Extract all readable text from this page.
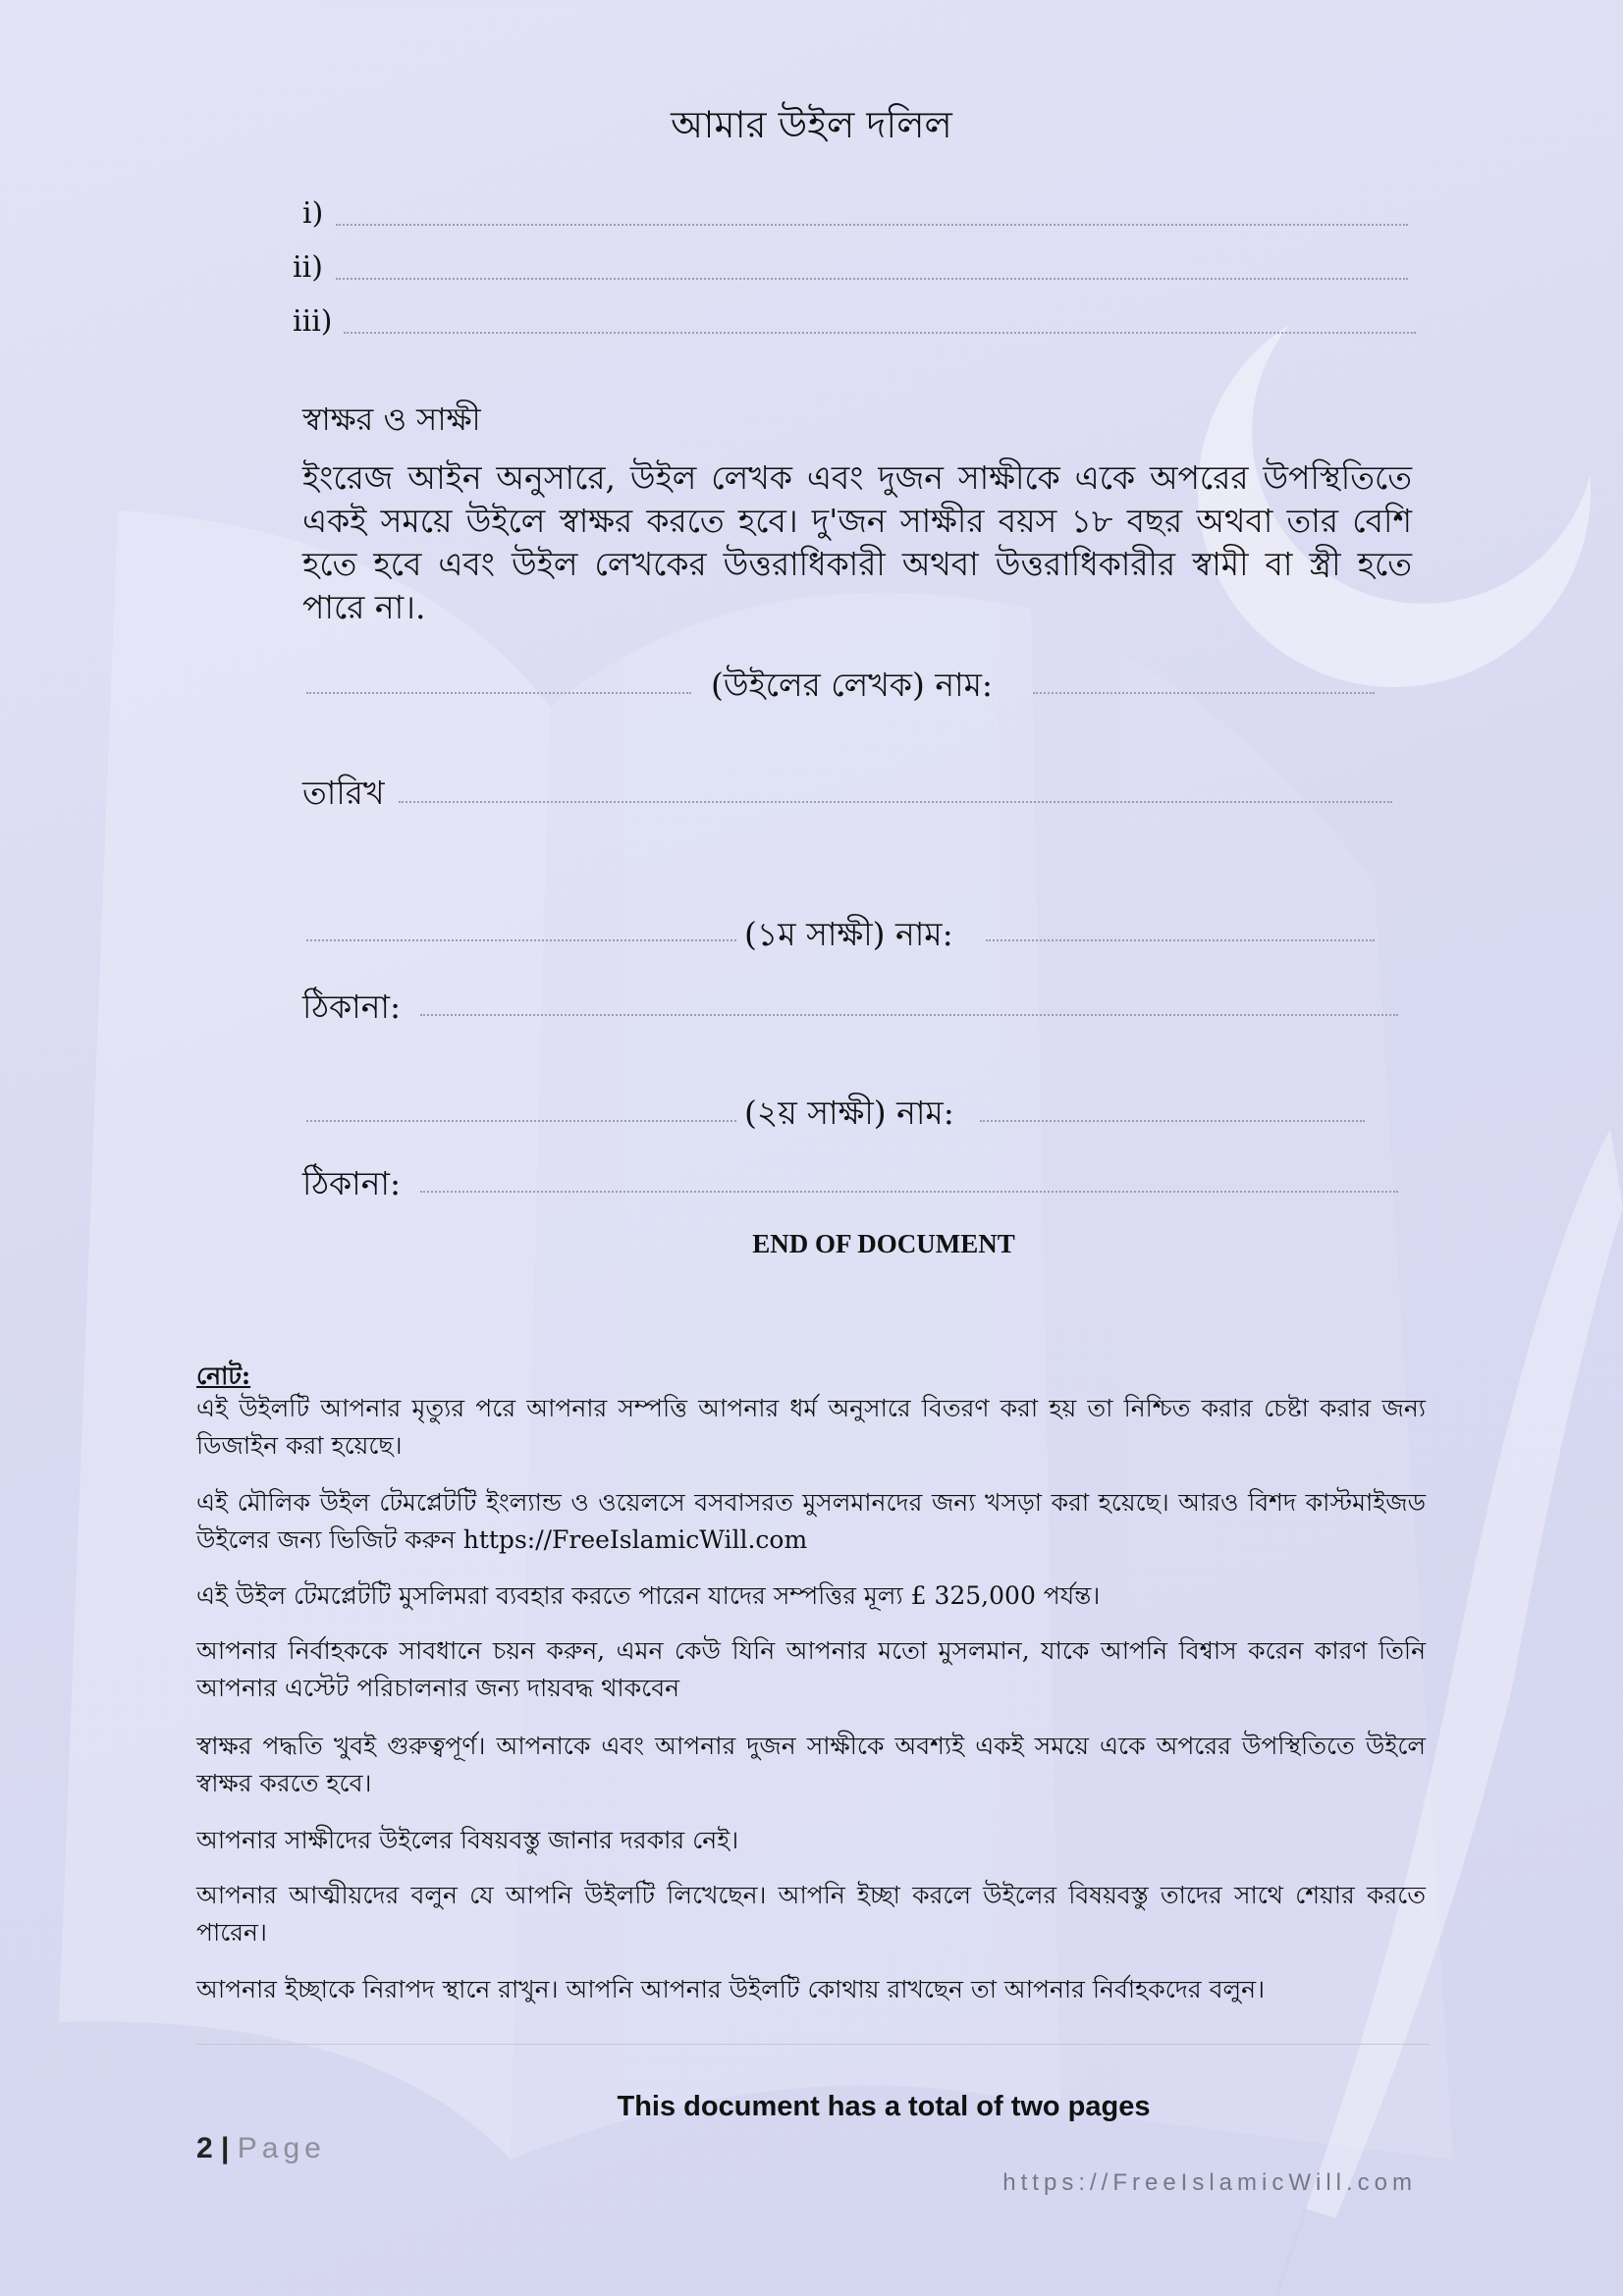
আমার উইল দলিল
i)
ii)
iii)
স্বাক্ষর ও সাক্ষী
ইংরেজ আইন অনুসারে, উইল লেখক এবং দুজন সাক্ষীকে একে অপরের উপস্থিতিতে একই সময়ে উইলে স্বাক্ষর করতে হবে। দু'জন সাক্ষীর বয়স ১৮ বছর অথবা তার বেশি হতে হবে এবং উইল লেখকের উত্তরাধিকারী অথবা উত্তরাধিকারীর স্বামী বা স্ত্রী হতে পারে না।.
(উইলের লেখক) নাম:
তারিখ
(১ম সাক্ষী) নাম:
ঠিকানা:
(২য় সাক্ষী) নাম:
ঠিকানা:
END OF DOCUMENT
নোট:
এই উইলটি আপনার মৃত্যুর পরে আপনার সম্পত্তি আপনার ধর্ম অনুসারে বিতরণ করা হয় তা নিশ্চিত করার চেষ্টা করার জন্য ডিজাইন করা হয়েছে।
এই মৌলিক উইল টেমপ্লেটটি ইংল্যান্ড ও ওয়েলসে বসবাসরত মুসলমানদের জন্য খসড়া করা হয়েছে। আরও বিশদ কাস্টমাইজড উইলের জন্য ভিজিট করুন https://FreeIslamicWill.com
এই উইল টেমপ্লেটটি মুসলিমরা ব্যবহার করতে পারেন যাদের সম্পত্তির মূল্য £ 325,000 পর্যন্ত।
আপনার নির্বাহককে সাবধানে চয়ন করুন, এমন কেউ যিনি আপনার মতো মুসলমান, যাকে আপনি বিশ্বাস করেন কারণ তিনি আপনার এস্টেট পরিচালনার জন্য দায়বদ্ধ থাকবেন
স্বাক্ষর পদ্ধতি খুবই গুরুত্বপূর্ণ। আপনাকে এবং আপনার দুজন সাক্ষীকে অবশ্যই একই সময়ে একে অপরের উপস্থিতিতে উইলে স্বাক্ষর করতে হবে।
আপনার সাক্ষীদের উইলের বিষয়বস্তু জানার দরকার নেই।
আপনার আত্মীয়দের বলুন যে আপনি উইলটি লিখেছেন। আপনি ইচ্ছা করলে উইলের বিষয়বস্তু তাদের সাথে শেয়ার করতে পারেন।
আপনার ইচ্ছাকে নিরাপদ স্থানে রাখুন। আপনি আপনার উইলটি কোথায় রাখছেন তা আপনার নির্বাহকদের বলুন।
This document has a total of two pages
2 | Page
https://FreeIslamicWill.com
